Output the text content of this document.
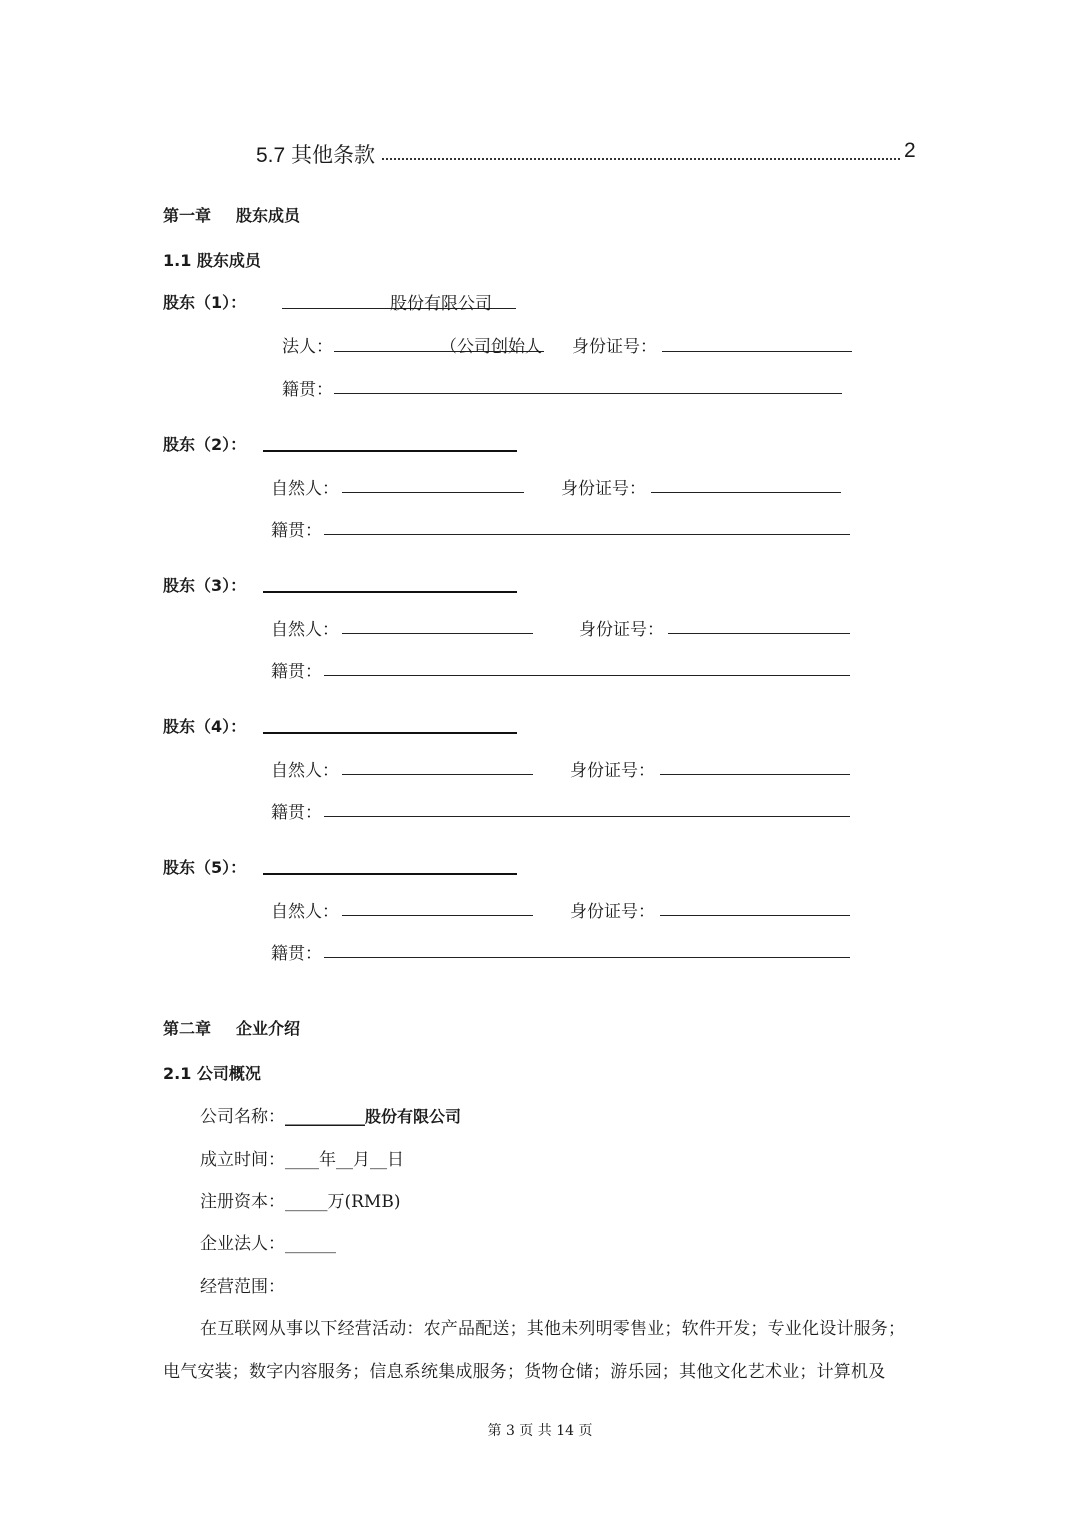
5.7 其他条款	2
第一章 股东成员
1.1 股东成员
股东（1）：	股份有限公司
法人：	（公司创始人 身份证号：
籍贯：
股东（2）：
自然人：	身份证号：
籍贯：
股东（3）：
自然人：	身份证号：
籍贯：
股东（4）：
自然人：	身份证号：
籍贯：
股东（5）：
自然人：	身份证号：
籍贯：
第二章 企业介绍
2.1 公司概况
公司名称：__________股份有限公司
成立时间：____年__月__日
注册资本：_____万(RMB)
企业法人：______
经营范围：
在互联网从事以下经营活动：农产品配送；其他未列明零售业；软件开发；专业化设计服务；
电气安装；数字内容服务；信息系统集成服务；货物仓储；游乐园；其他文化艺术业；计算机及
第 3 页 共 14 页
